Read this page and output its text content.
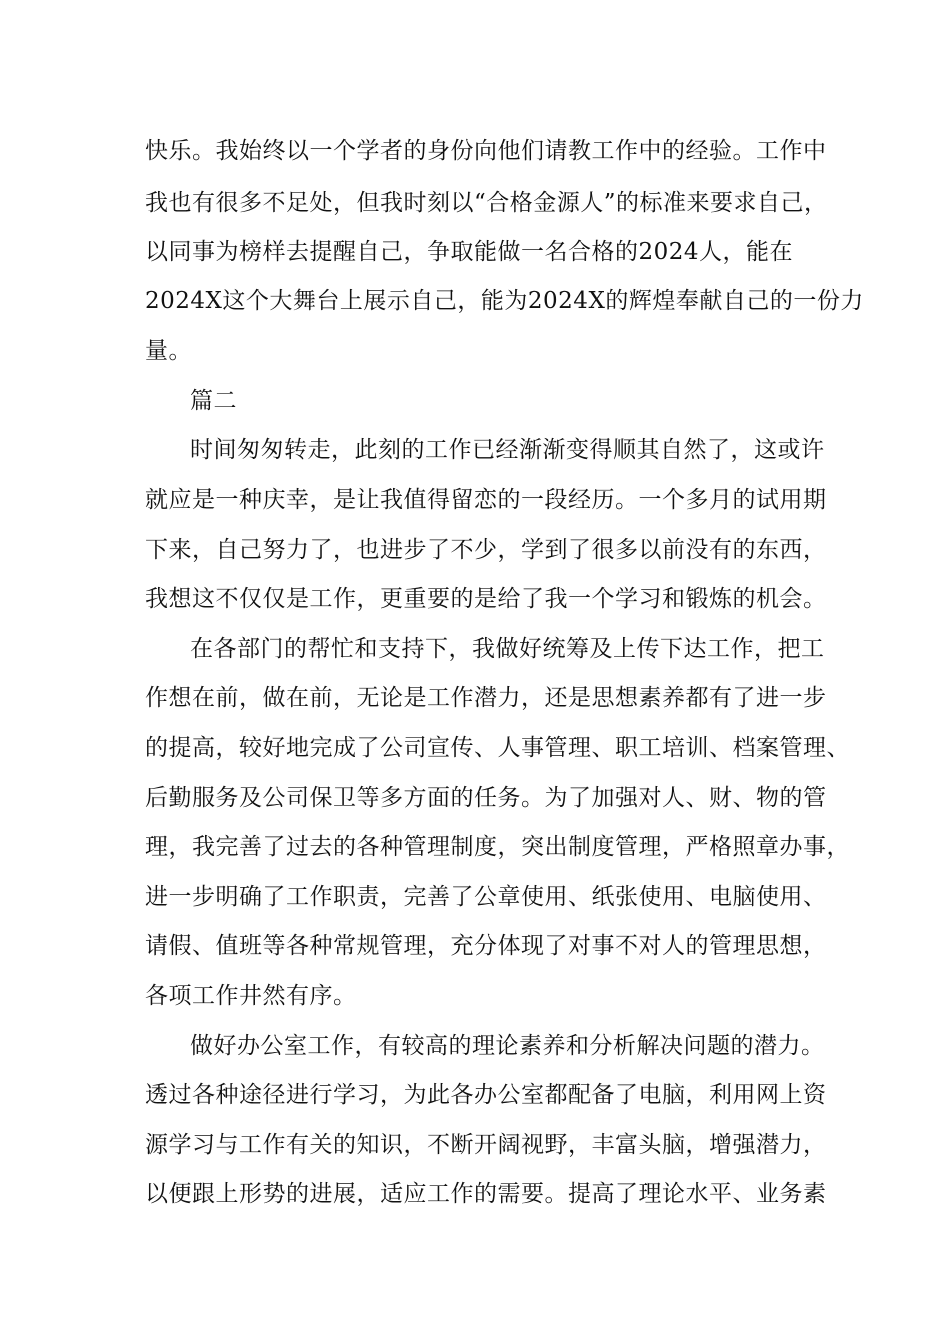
快乐。我始终以一个学者的身份向他们请教工作中的经验。工作中
我也有很多不足处，但我时刻以“合格金源人”的标准来要求自己，
以同事为榜样去提醒自己，争取能做一名合格的2024人，能在
2024X这个大舞台上展示自己，能为2024X的辉煌奉献自己的一份力
量。
篇二
时间匆匆转走，此刻的工作已经渐渐变得顺其自然了，这或许
就应是一种庆幸，是让我值得留恋的一段经历。一个多月的试用期
下来，自己努力了，也进步了不少，学到了很多以前没有的东西，
我想这不仅仅是工作，更重要的是给了我一个学习和锻炼的机会。
在各部门的帮忙和支持下，我做好统筹及上传下达工作，把工
作想在前，做在前，无论是工作潜力，还是思想素养都有了进一步
的提高，较好地完成了公司宣传、人事管理、职工培训、档案管理、
后勤服务及公司保卫等多方面的任务。为了加强对人、财、物的管
理，我完善了过去的各种管理制度，突出制度管理，严格照章办事，
进一步明确了工作职责，完善了公章使用、纸张使用、电脑使用、
请假、值班等各种常规管理，充分体现了对事不对人的管理思想，
各项工作井然有序。
做好办公室工作，有较高的理论素养和分析解决问题的潜力。
透过各种途径进行学习，为此各办公室都配备了电脑，利用网上资
源学习与工作有关的知识，不断开阔视野，丰富头脑，增强潜力，
以便跟上形势的进展，适应工作的需要。提高了理论水平、业务素
